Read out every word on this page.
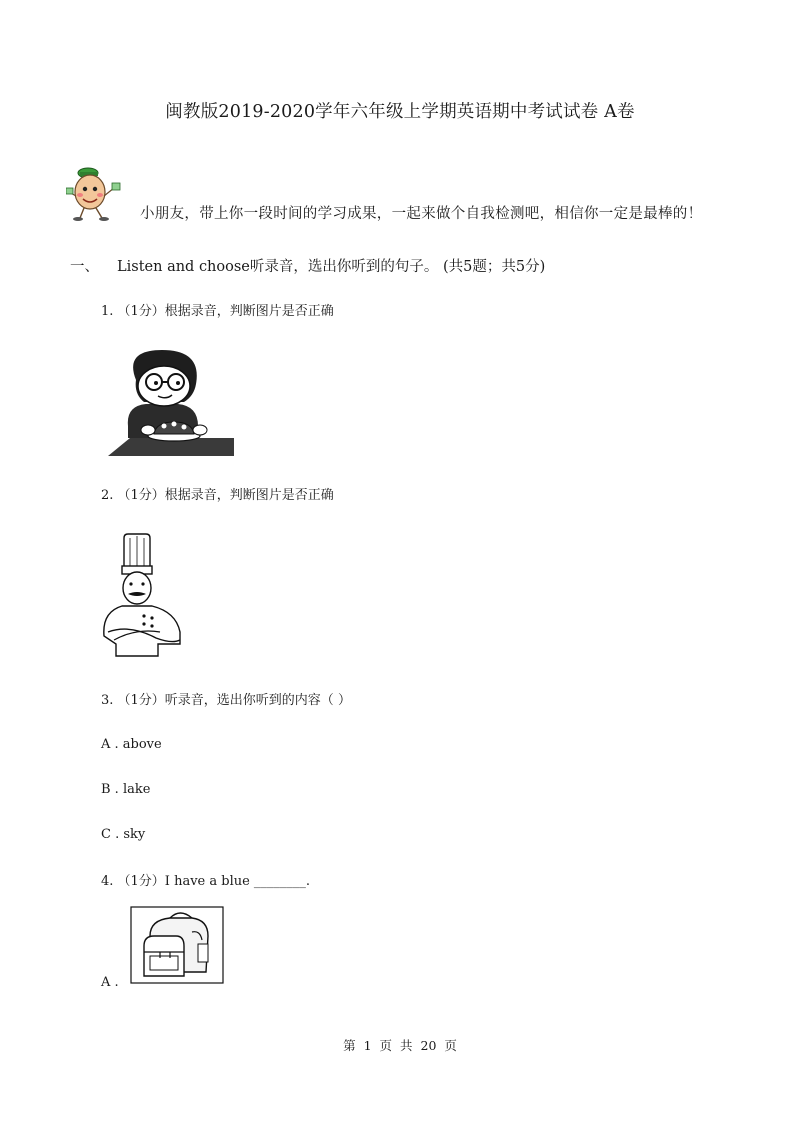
闽教版2019-2020学年六年级上学期英语期中考试试卷 A卷
小朋友，带上你一段时间的学习成果，一起来做个自我检测吧，相信你一定是最棒的！
一、 Listen and choose听录音，选出你听到的句子。 (共5题；共5分)
1. （1分）根据录音，判断图片是否正确
2. （1分）根据录音，判断图片是否正确
3. （1分）听录音，选出你听到的内容（ ）
A . above
B . lake
C . sky
4. （1分）I have a blue ________.
A .
第 1 页 共 20 页
